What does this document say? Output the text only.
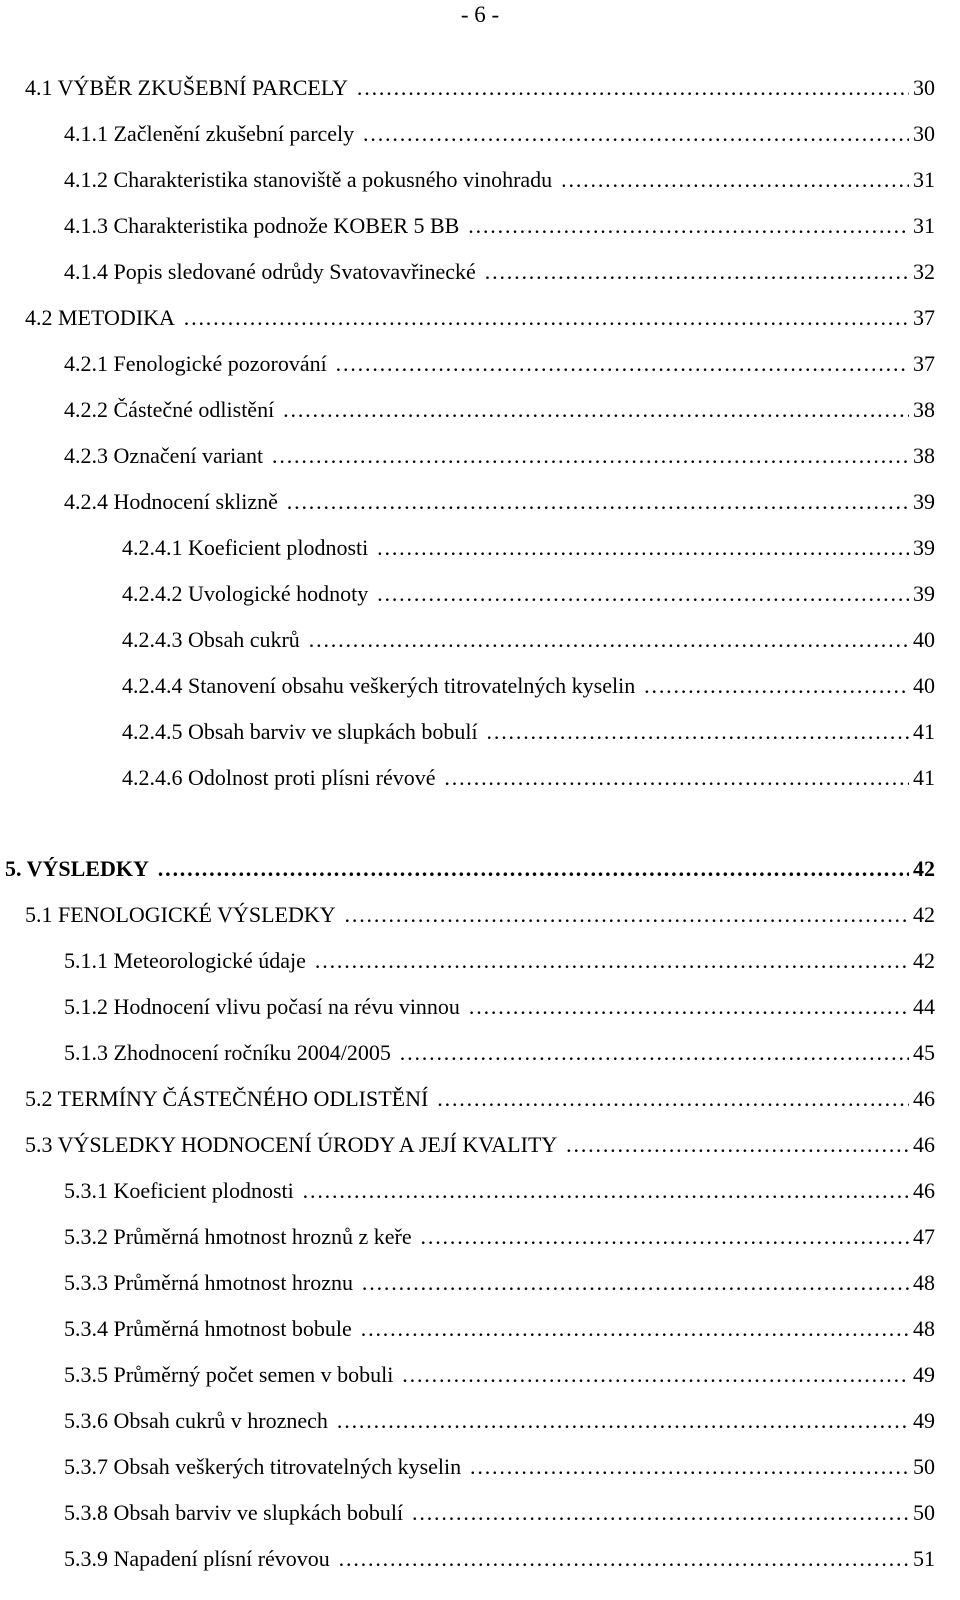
- 6 -
4.1 VÝBĚR ZKUŠEBNÍ PARCELY …………………………………………………………………………………………………………………………………………………………………………………………………………	30
4.1.1 Začlenění zkušební parcely …………………………………………………………………………………………………………………………………………………………………………………………………………	30
4.1.2 Charakteristika stanoviště a pokusného vinohradu …………………………………………………………………………………………………………………………………………………………………………………………………………	31
4.1.3 Charakteristika podnože KOBER 5 BB …………………………………………………………………………………………………………………………………………………………………………………………………………	31
4.1.4 Popis sledované odrůdy Svatovavřinecké …………………………………………………………………………………………………………………………………………………………………………………………………………	32
4.2 METODIKA …………………………………………………………………………………………………………………………………………………………………………………………………………	37
4.2.1 Fenologické pozorování …………………………………………………………………………………………………………………………………………………………………………………………………………	37
4.2.2 Částečné odlistění …………………………………………………………………………………………………………………………………………………………………………………………………………	38
4.2.3 Označení variant …………………………………………………………………………………………………………………………………………………………………………………………………………	38
4.2.4 Hodnocení sklizně …………………………………………………………………………………………………………………………………………………………………………………………………………	39
4.2.4.1 Koeficient plodnosti …………………………………………………………………………………………………………………………………………………………………………………………………………	39
4.2.4.2 Uvologické hodnoty …………………………………………………………………………………………………………………………………………………………………………………………………………	39
4.2.4.3 Obsah cukrů …………………………………………………………………………………………………………………………………………………………………………………………………………	40
4.2.4.4 Stanovení obsahu veškerých titrovatelných kyselin …………………………………………………………………………………………………………………………………………………………………………………………………………	40
4.2.4.5 Obsah barviv ve slupkách bobulí …………………………………………………………………………………………………………………………………………………………………………………………………………	41
4.2.4.6 Odolnost proti plísni révové …………………………………………………………………………………………………………………………………………………………………………………………………………	41
5. VÝSLEDKY …………………………………………………………………………………………………………………………………………………………………………………………………………	42
5.1 FENOLOGICKÉ VÝSLEDKY …………………………………………………………………………………………………………………………………………………………………………………………………………	42
5.1.1 Meteorologické údaje …………………………………………………………………………………………………………………………………………………………………………………………………………	42
5.1.2 Hodnocení vlivu počasí na révu vinnou …………………………………………………………………………………………………………………………………………………………………………………………………………	44
5.1.3 Zhodnocení ročníku 2004/2005 …………………………………………………………………………………………………………………………………………………………………………………………………………	45
5.2 TERMÍNY ČÁSTEČNÉHO ODLISTĚNÍ …………………………………………………………………………………………………………………………………………………………………………………………………………	46
5.3 VÝSLEDKY HODNOCENÍ ÚRODY A JEJÍ KVALITY …………………………………………………………………………………………………………………………………………………………………………………………………………	46
5.3.1 Koeficient plodnosti …………………………………………………………………………………………………………………………………………………………………………………………………………	46
5.3.2 Průměrná hmotnost hroznů z keře …………………………………………………………………………………………………………………………………………………………………………………………………………	47
5.3.3 Průměrná hmotnost hroznu …………………………………………………………………………………………………………………………………………………………………………………………………………	48
5.3.4 Průměrná hmotnost bobule …………………………………………………………………………………………………………………………………………………………………………………………………………	48
5.3.5 Průměrný počet semen v bobuli …………………………………………………………………………………………………………………………………………………………………………………………………………	49
5.3.6 Obsah cukrů v hroznech …………………………………………………………………………………………………………………………………………………………………………………………………………	49
5.3.7 Obsah veškerých titrovatelných kyselin …………………………………………………………………………………………………………………………………………………………………………………………………………	50
5.3.8 Obsah barviv ve slupkách bobulí …………………………………………………………………………………………………………………………………………………………………………………………………………	50
5.3.9 Napadení plísní révovou …………………………………………………………………………………………………………………………………………………………………………………………………………	51
